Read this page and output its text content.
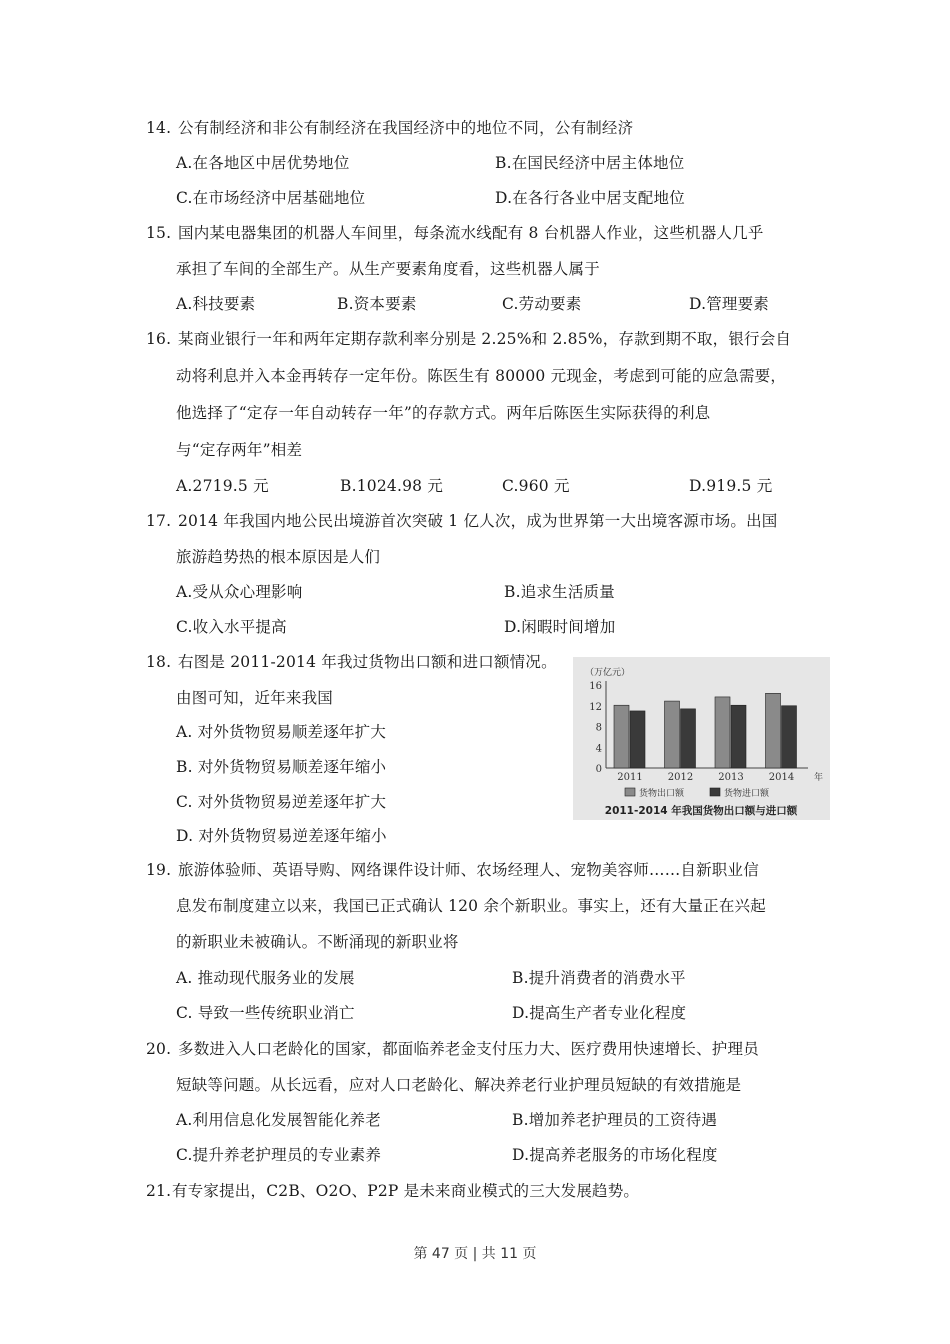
14. 公有制经济和非公有制经济在我国经济中的地位不同，公有制经济
A.在各地区中居优势地位	B.在国民经济中居主体地位
C.在市场经济中居基础地位	D.在各行各业中居支配地位
15. 国内某电器集团的机器人车间里，每条流水线配有 8 台机器人作业，这些机器人几乎
承担了车间的全部生产。从生产要素角度看，这些机器人属于
A.科技要素	B.资本要素	C.劳动要素	D.管理要素
16. 某商业银行一年和两年定期存款利率分别是 2.25%和 2.85%，存款到期不取，银行会自
动将利息并入本金再转存一定年份。陈医生有 80000 元现金，考虑到可能的应急需要，
他选择了“定存一年自动转存一年”的存款方式。两年后陈医生实际获得的利息
与“定存两年”相差
A.2719.5 元	B.1024.98 元	C.960 元	D.919.5 元
17. 2014 年我国内地公民出境游首次突破 1 亿人次，成为世界第一大出境客源市场。出国
旅游趋势热的根本原因是人们
A.受从众心理影响	B.追求生活质量
C.收入水平提高	D.闲暇时间增加
18. 右图是 2011-2014 年我过货物出口额和进口额情况。
由图可知，近年来我国
A. 对外货物贸易顺差逐年扩大
B. 对外货物贸易顺差逐年缩小
C. 对外货物贸易逆差逐年扩大
D. 对外货物贸易逆差逐年缩小
（万亿元）
0
4
8
12
16
2011	2012	2013	2014 年
货物出口额	货物进口额
2011-2014 年我国货物出口额与进口额
19. 旅游体验师、英语导购、网络课件设计师、农场经理人、宠物美容师……自新职业信
息发布制度建立以来，我国已正式确认 120 余个新职业。事实上，还有大量正在兴起
的新职业未被确认。不断涌现的新职业将
A. 推动现代服务业的发展	B.提升消费者的消费水平
C. 导致一些传统职业消亡	D.提高生产者专业化程度
20. 多数进入人口老龄化的国家，都面临养老金支付压力大、医疗费用快速增长、护理员
短缺等问题。从长远看，应对人口老龄化、解决养老行业护理员短缺的有效措施是
A.利用信息化发展智能化养老	B.增加养老护理员的工资待遇
C.提升养老护理员的专业素养	D.提高养老服务的市场化程度
21. 有专家提出，C2B、O2O、P2P 是未来商业模式的三大发展趋势。
第 47 页 | 共 11 页
